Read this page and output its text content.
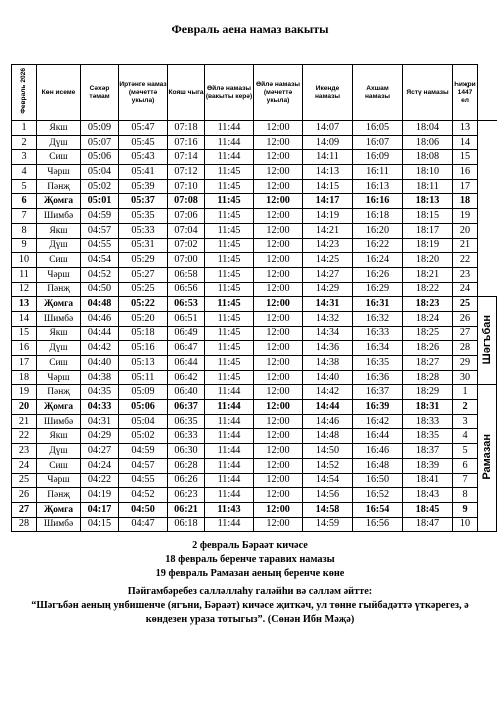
Февраль аена намаз вакыты
Февраль 2026	Көн исеме	Сәхәр тәмам	Иртәнге намаз (мәчеттә укыла)	Кояш чыга	Өйлә намазы (вакыты керә)	Өйлә намазы (мәчеттә укыла)	Икенде намазы	Ахшам намазы	Ястү намазы	Һиҗри 1447 ел	
1	Якш	05:09	05:47	07:18	11:44	12:00	14:07	16:05	18:04	13	
2	Дүш	05:07	05:45	07:16	11:44	12:00	14:09	16:07	18:06	14	
3	Сиш	05:06	05:43	07:14	11:44	12:00	14:11	16:09	18:08	15	
4	Чәрш	05:04	05:41	07:12	11:45	12:00	14:13	16:11	18:10	16	
5	Пәнҗ	05:02	05:39	07:10	11:45	12:00	14:15	16:13	18:11	17	
6	Җомга	05:01	05:37	07:08	11:45	12:00	14:17	16:16	18:13	18	
7	Шимбә	04:59	05:35	07:06	11:45	12:00	14:19	16:18	18:15	19	
8	Якш	04:57	05:33	07:04	11:45	12:00	14:21	16:20	18:17	20	
9	Дүш	04:55	05:31	07:02	11:45	12:00	14:23	16:22	18:19	21	
10	Сиш	04:54	05:29	07:00	11:45	12:00	14:25	16:24	18:20	22	
11	Чәрш	04:52	05:27	06:58	11:45	12:00	14:27	16:26	18:21	23	
12	Пәнҗ	04:50	05:25	06:56	11:45	12:00	14:29	16:29	18:22	24	
13	Җомга	04:48	05:22	06:53	11:45	12:00	14:31	16:31	18:23	25	Шәгъбан
14	Шимбә	04:46	05:20	06:51	11:45	12:00	14:32	16:32	18:24	26	
15	Якш	04:44	05:18	06:49	11:45	12:00	14:34	16:33	18:25	27	
16	Дүш	04:42	05:16	06:47	11:45	12:00	14:36	16:34	18:26	28	
17	Сиш	04:40	05:13	06:44	11:45	12:00	14:38	16:35	18:27	29	
18	Чәрш	04:38	05:11	06:42	11:45	12:00	14:40	16:36	18:28	30	
19	Пәнҗ	04:35	05:09	06:40	11:44	12:00	14:42	16:37	18:29	1	Рамазан
20	Җомга	04:33	05:06	06:37	11:44	12:00	14:44	16:39	18:31	2	
21	Шимбә	04:31	05:04	06:35	11:44	12:00	14:46	16:42	18:33	3	
22	Якш	04:29	05:02	06:33	11:44	12:00	14:48	16:44	18:35	4	
23	Дүш	04:27	04:59	06:30	11:44	12:00	14:50	16:46	18:37	5	
24	Сиш	04:24	04:57	06:28	11:44	12:00	14:52	16:48	18:39	6	
25	Чәрш	04:22	04:55	06:26	11:44	12:00	14:54	16:50	18:41	7	
26	Пәнҗ	04:19	04:52	06:23	11:44	12:00	14:56	16:52	18:43	8	
27	Җомга	04:17	04:50	06:21	11:43	12:00	14:58	16:54	18:45	9	
28	Шимбә	04:15	04:47	06:18	11:44	12:00	14:59	16:56	18:47	10	
2 февраль Бәраәт кичәсе
18 февраль беренче таравих намазы
19 февраль Рамазан аеның беренче көне
Пәйгамбәребез салләллаһу галәйһи вә сәлләм әйтте:
“Шәгъбән аеның унбишенче (ягъни, Бәраәт) кичәсе җиткәч, ул төнне гыйбадәттә үткәрегез, ә көндезен ураза тотыгыз”. (Сөнән Ибн Мәҗә)
